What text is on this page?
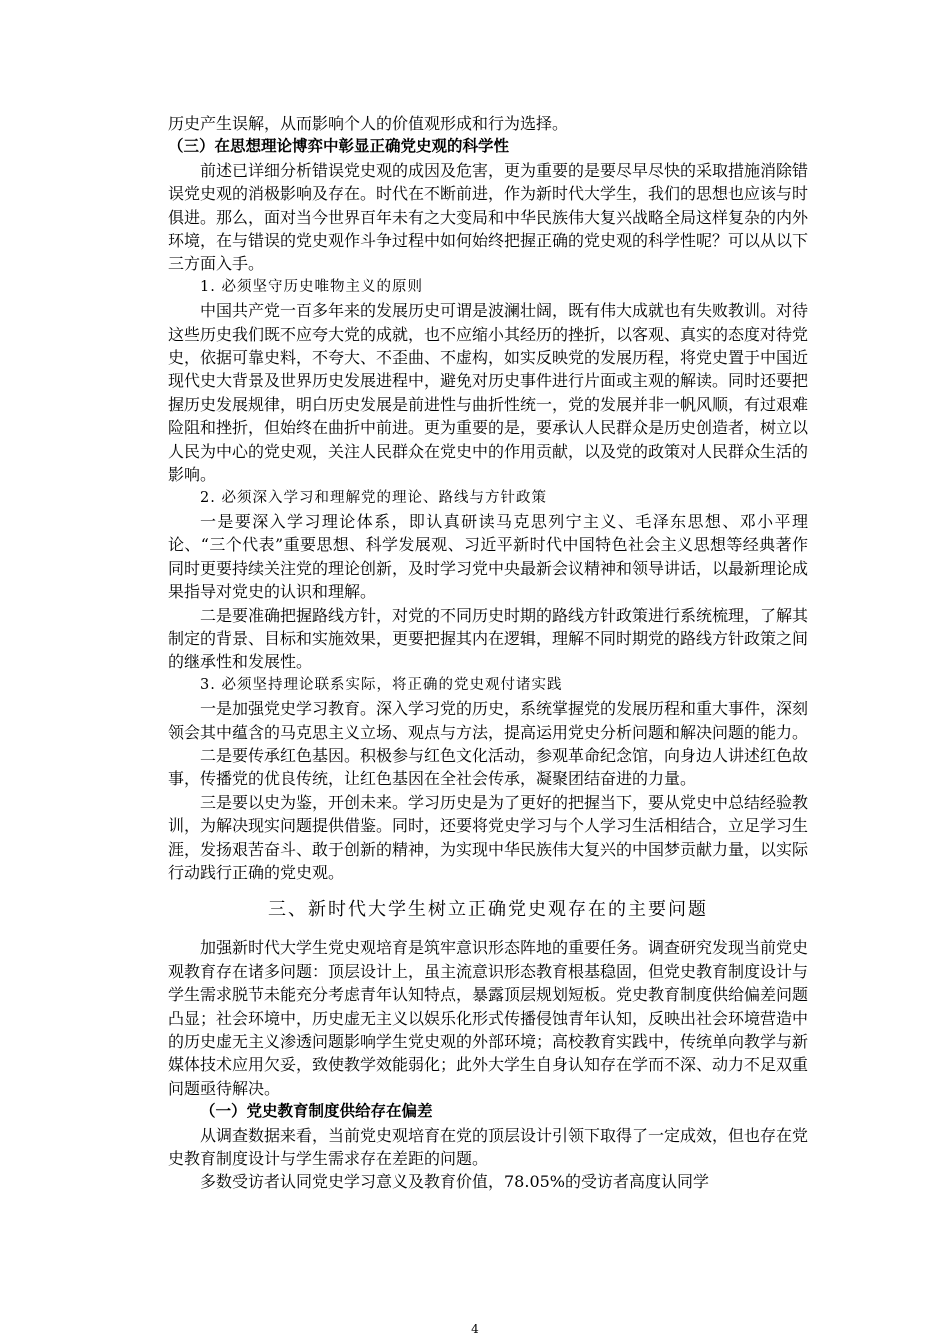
历史产生误解，从而影响个人的价值观形成和行为选择。

（三）在思想理论博弈中彰显正确党史观的科学性

前述已详细分析错误党史观的成因及危害，更为重要的是要尽早尽快的采取措施消除错误党史观的消极影响及存在。时代在不断前进，作为新时代大学生，我们的思想也应该与时俱进。那么，面对当今世界百年未有之大变局和中华民族伟大复兴战略全局这样复杂的内外环境，在与错误的党史观作斗争过程中如何始终把握正确的党史观的科学性呢？可以从以下三方面入手。

1. 必须坚守历史唯物主义的原则

中国共产党一百多年来的发展历史可谓是波澜壮阔，既有伟大成就也有失败教训。对待这些历史我们既不应夸大党的成就，也不应缩小其经历的挫折，以客观、真实的态度对待党史，依据可靠史料，不夸大、不歪曲、不虚构，如实反映党的发展历程，将党史置于中国近现代史大背景及世界历史发展进程中，避免对历史事件进行片面或主观的解读。同时还要把握历史发展规律，明白历史发展是前进性与曲折性统一，党的发展并非一帆风顺，有过艰难险阻和挫折，但始终在曲折中前进。更为重要的是，要承认人民群众是历史创造者，树立以人民为中心的党史观，关注人民群众在党史中的作用贡献，以及党的政策对人民群众生活的影响。

2. 必须深入学习和理解党的理论、路线与方针政策

一是要深入学习理论体系，即认真研读马克思列宁主义、毛泽东思想、邓小平理论、“三个代表”重要思想、科学发展观、习近平新时代中国特色社会主义思想等经典著作同时更要持续关注党的理论创新，及时学习党中央最新会议精神和领导讲话，以最新理论成果指导对党史的认识和理解。

二是要准确把握路线方针，对党的不同历史时期的路线方针政策进行系统梳理，了解其制定的背景、目标和实施效果，更要把握其内在逻辑，理解不同时期党的路线方针政策之间的继承性和发展性。

3. 必须坚持理论联系实际，将正确的党史观付诸实践

一是加强党史学习教育。深入学习党的历史，系统掌握党的发展历程和重大事件，深刻领会其中蕴含的马克思主义立场、观点与方法，提高运用党史分析问题和解决问题的能力。

二是要传承红色基因。积极参与红色文化活动，参观革命纪念馆，向身边人讲述红色故事，传播党的优良传统，让红色基因在全社会传承，凝聚团结奋进的力量。

三是要以史为鉴，开创未来。学习历史是为了更好的把握当下，要从党史中总结经验教训，为解决现实问题提供借鉴。同时，还要将党史学习与个人学习生活相结合，立足学习生涯，发扬艰苦奋斗、敢于创新的精神，为实现中华民族伟大复兴的中国梦贡献力量，以实际行动践行正确的党史观。

三、新时代大学生树立正确党史观存在的主要问题

加强新时代大学生党史观培育是筑牢意识形态阵地的重要任务。调查研究发现当前党史观教育存在诸多问题：顶层设计上，虽主流意识形态教育根基稳固，但党史教育制度设计与学生需求脱节未能充分考虑青年认知特点，暴露顶层规划短板。党史教育制度供给偏差问题凸显；社会环境中，历史虚无主义以娱乐化形式传播侵蚀青年认知，反映出社会环境营造中的历史虚无主义渗透问题影响学生党史观的外部环境；高校教育实践中，传统单向教学与新媒体技术应用欠妥，致使教学效能弱化；此外大学生自身认知存在学而不深、动力不足双重问题亟待解决。

（一）党史教育制度供给存在偏差

从调查数据来看，当前党史观培育在党的顶层设计引领下取得了一定成效，但也存在党史教育制度设计与学生需求存在差距的问题。

多数受访者认同党史学习意义及教育价值，78.05%的受访者高度认同学

4
